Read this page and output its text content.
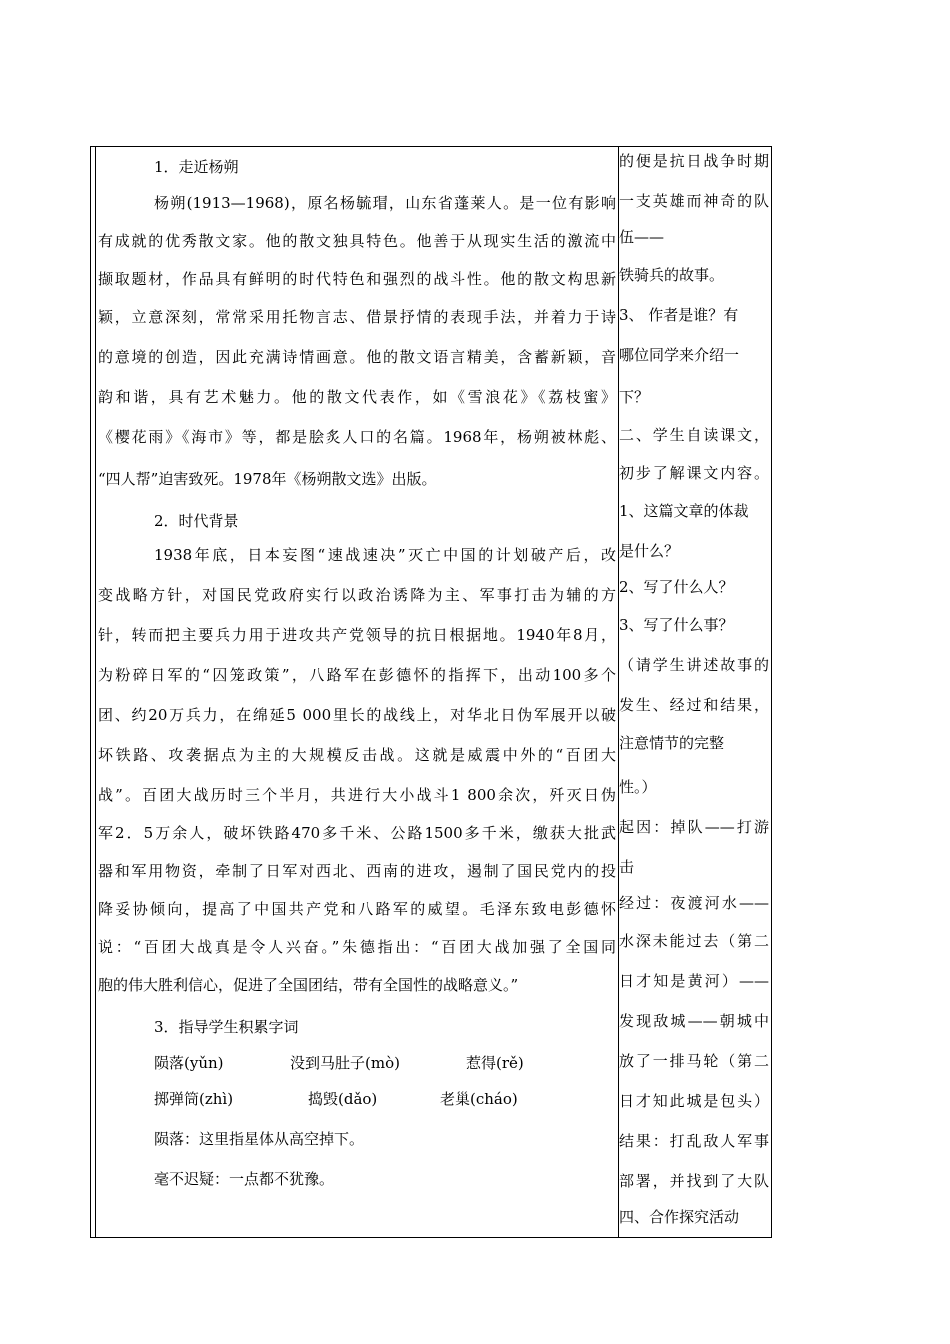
1．走近杨朔
杨朔(1913—1968)，原名杨毓瑁，山东省蓬莱人。是一位有影响
有成就的优秀散文家。他的散文独具特色。他善于从现实生活的激流中
撷取题材，作品具有鲜明的时代特色和强烈的战斗性。他的散文构思新
颖，立意深刻，常常采用托物言志、借景抒情的表现手法，并着力于诗
的意境的创造，因此充满诗情画意。他的散文语言精美，含蓄新颖，音
韵和谐，具有艺术魅力。他的散文代表作，如《雪浪花》《荔枝蜜》
《樱花雨》《海市》等，都是脍炙人口的名篇。1968年，杨朔被林彪、
“四人帮”迫害致死。1978年《杨朔散文选》出版。
2．时代背景
1938年底，日本妄图“速战速决”灭亡中国的计划破产后，改
变战略方针，对国民党政府实行以政治诱降为主、军事打击为辅的方
针，转而把主要兵力用于进攻共产党领导的抗日根据地。1940年8月，
为粉碎日军的“囚笼政策”，八路军在彭德怀的指挥下，出动100多个
团、约20万兵力，在绵延5 000里长的战线上，对华北日伪军展开以破
坏铁路、攻袭据点为主的大规模反击战。这就是威震中外的“百团大
战”。百团大战历时三个半月，共进行大小战斗1 800余次，歼灭日伪
军2．5万余人，破坏铁路470多千米、公路1500多千米，缴获大批武
器和军用物资，牵制了日军对西北、西南的进攻，遏制了国民党内的投
降妥协倾向，提高了中国共产党和八路军的威望。毛泽东致电彭德怀
说：“百团大战真是令人兴奋。”朱德指出：“百团大战加强了全国同
胞的伟大胜利信心，促进了全国团结，带有全国性的战略意义。”
3．指导学生积累字词
陨落(yǔn)	没到马肚子(mò)	惹得(rě)
掷弹筒(zhì)	捣毁(dǎo)	老巢(cháo)
陨落：这里指星体从高空掉下。
毫不迟疑：一点都不犹豫。
的便是抗日战争时期
一支英雄而神奇的队
伍——
铁骑兵的故事。
3、 作者是谁？有
哪位同学来介绍一
下？
二、学生自读课文，
初步了解课文内容。
1、这篇文章的体裁
是什么？
2、写了什么人？
3、写了什么事？
（请学生讲述故事的
发生、经过和结果，
注意情节的完整
性。）
起因：掉队——打游
击
经过：夜渡河水——
水深未能过去（第二
日才知是黄河）——
发现敌城——朝城中
放了一排马轮（第二
日才知此城是包头）
结果：打乱敌人军事
部署，并找到了大队
四、合作探究活动
